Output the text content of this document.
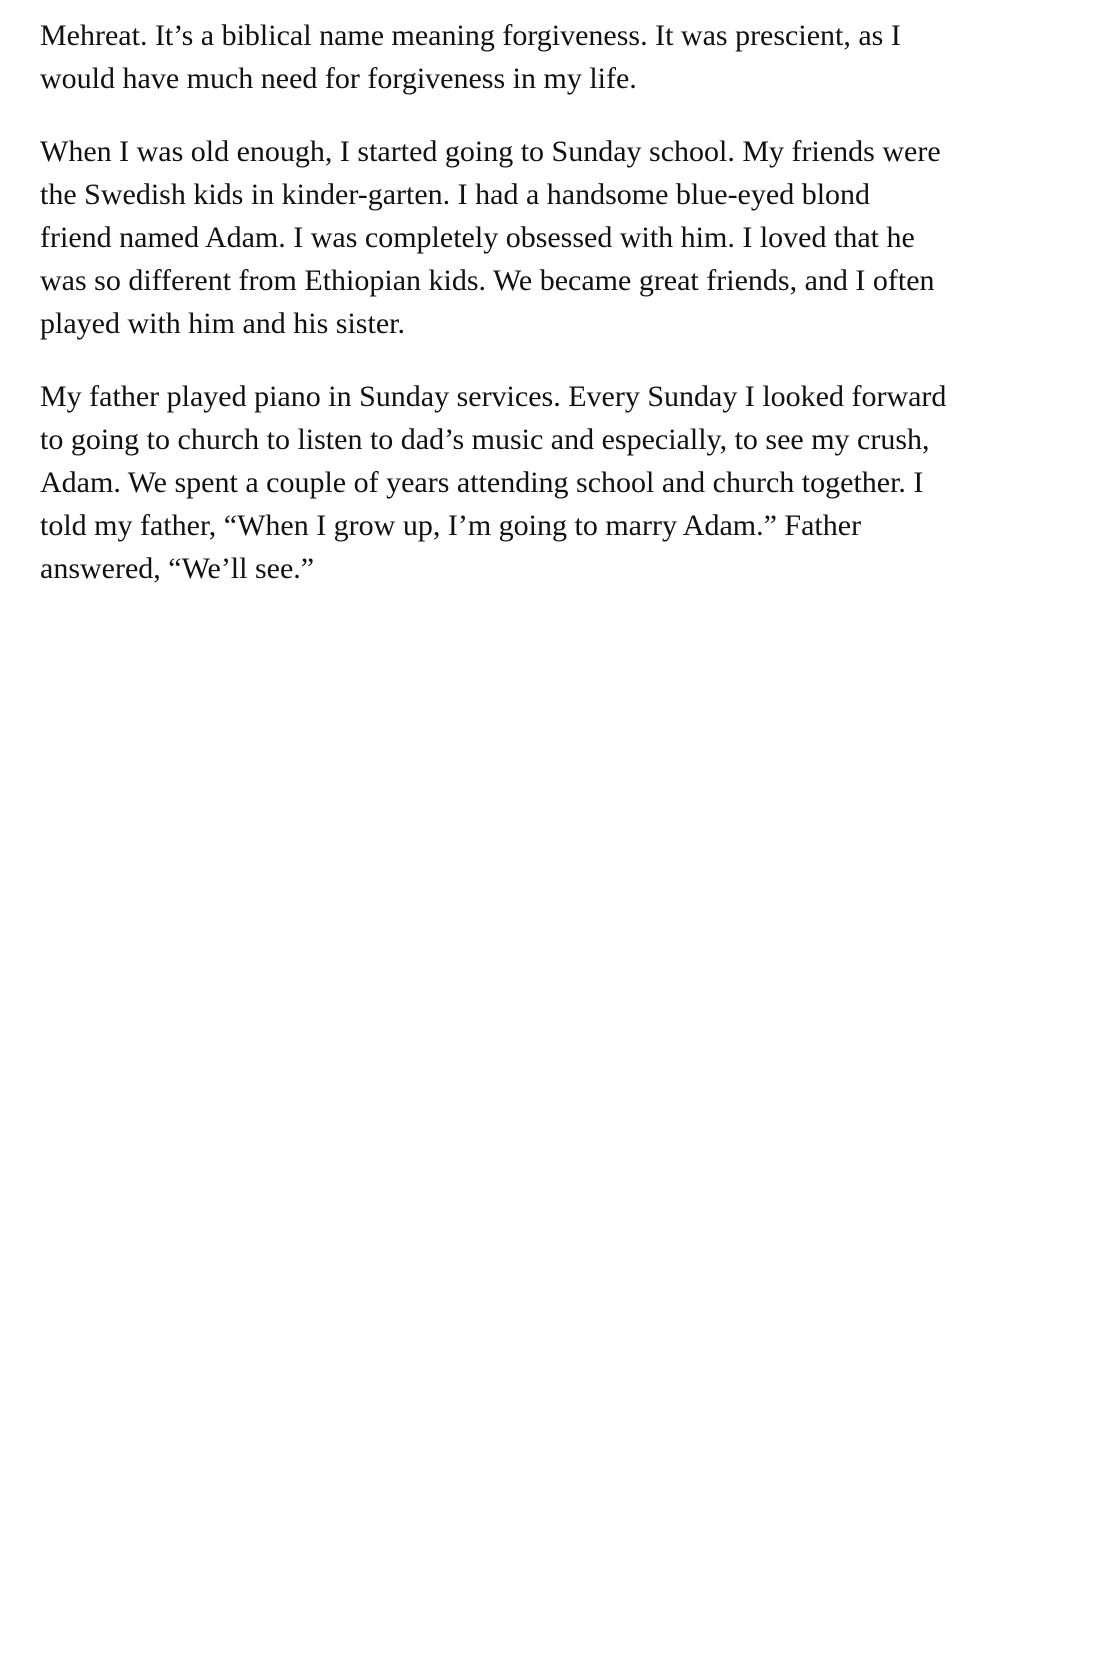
Mehreat. It’s a biblical name meaning forgiveness. It was prescient, as I
would have much need for forgiveness in my life.

When I was old enough, I started going to Sunday school. My friends were
the Swedish kids in kinder-garten. I had a handsome blue-eyed blond
friend named Adam. I was completely obsessed with him. I loved that he
was so different from Ethiopian kids. We became great friends, and I often
played with him and his sister.

My father played piano in Sunday services. Every Sunday I looked forward
to going to church to listen to dad’s music and especially, to see my crush,
Adam. We spent a couple of years attending school and church together. I
told my father, “When I grow up, I’m going to marry Adam.” Father
answered, “We’ll see.”
